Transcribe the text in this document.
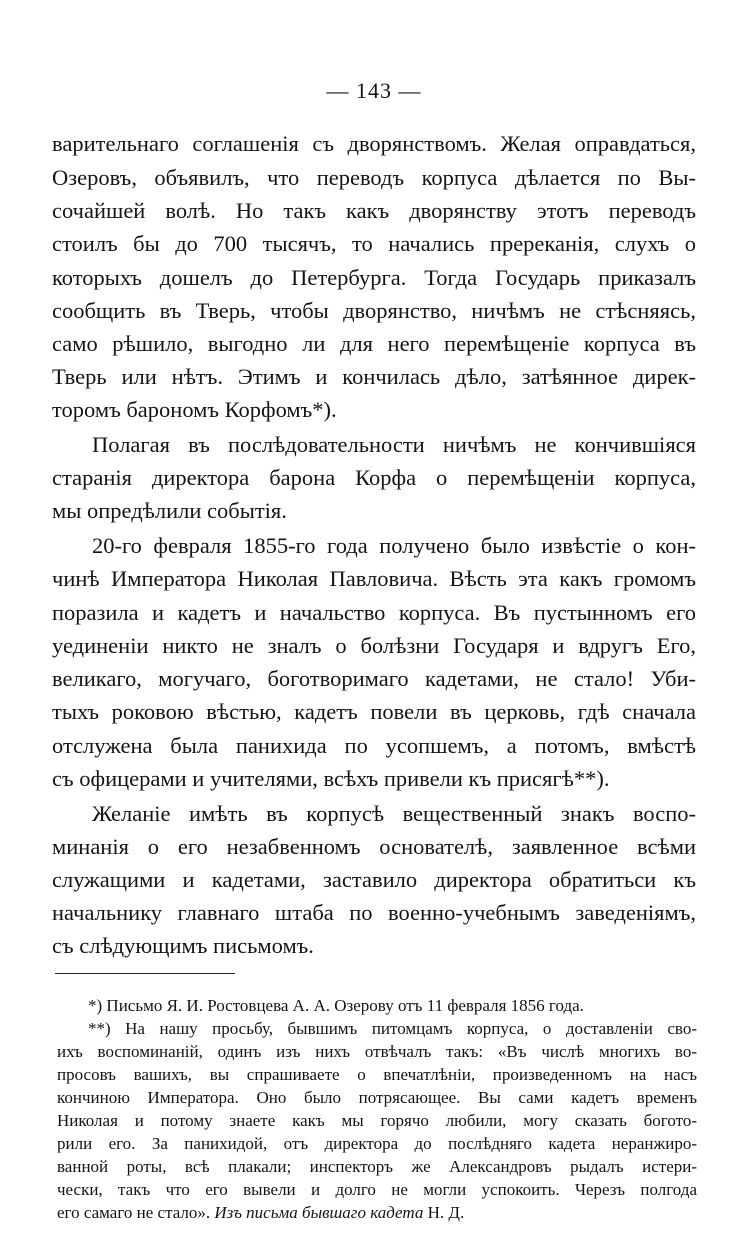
— 143 —
варительнаго соглашенія съ дворянствомъ. Желая оправдаться,
Озеровъ, объявилъ, что переводъ корпуса дѣлается по Вы-
сочайшей волѣ. Но такъ какъ дворянству этотъ переводъ
стоилъ бы до 700 тысячъ, то начались пререканія, слухъ о
которыхъ дошелъ до Петербурга. Тогда Государь приказалъ
сообщить въ Тверь, чтобы дворянство, ничѣмъ не стѣсняясь,
само рѣшило, выгодно ли для него перемѣщеніе корпуса въ
Тверь или нѣтъ. Этимъ и кончилась дѣло, затѣянное дирек-
торомъ барономъ Корфомъ*).
Полагая въ послѣдовательности ничѣмъ не кончившіяся
старанія директора барона Корфа о перемѣщеніи корпуса,
мы опредѣлили событія.
20-го февраля 1855-го года получено было извѣстіе о кон-
чинѣ Императора Николая Павловича. Вѣсть эта какъ громомъ
поразила и кадетъ и начальство корпуса. Въ пустынномъ его
уединеніи никто не зналъ о болѣзни Государя и вдругъ Его,
великаго, могучаго, боготворимаго кадетами, не стало! Уби-
тыхъ роковою вѣстью, кадетъ повели въ церковь, гдѣ сначала
отслужена была панихида по усопшемъ, а потомъ, вмѣстѣ
съ офицерами и учителями, всѣхъ привели къ присягѣ**).
Желаніе имѣть въ корпусѣ вещественный знакъ воспо-
минанія о его незабвенномъ основателѣ, заявленное всѣми
служащими и кадетами, заставило директора обратитьси къ
начальнику главнаго штаба по военно-учебнымъ заведеніямъ,
съ слѣдующимъ письмомъ.
*) Письмо Я. И. Ростовцева А. А. Озерову отъ 11 февраля 1856 года.
**) На нашу просьбу, бывшимъ питомцамъ корпуса, о доставленіи сво-
ихъ воспоминаній, одинъ изъ нихъ отвѣчалъ такъ: «Въ числѣ многихъ во-
просовъ вашихъ, вы спрашиваете о впечатлѣніи, произведенномъ на насъ
кончиною Императора. Оно было потрясающее. Вы сами кадетъ временъ
Николая и потому знаете какъ мы горячо любили, могу сказать богото-
рили его. За панихидой, отъ директора до послѣдняго кадета неранжиро-
ванной роты, всѣ плакали; инспекторъ же Александровъ рыдалъ истери-
чески, такъ что его вывели и долго не могли успокоить. Черезъ полгода
его самаго не стало». Изъ письма бывшаго кадета Н. Д.
